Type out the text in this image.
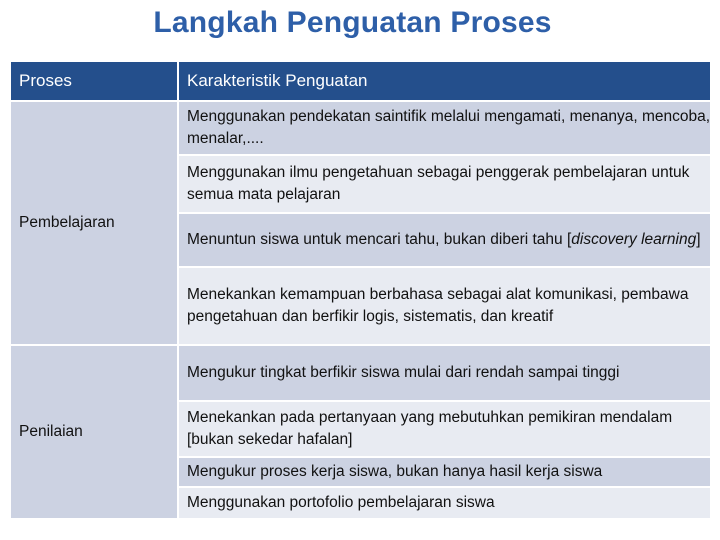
Langkah Penguatan Proses
Proses	Karakteristik Penguatan
Pembelajaran	Menggunakan pendekatan saintifik melalui mengamati, menanya, mencoba, menalar,....
	Menggunakan ilmu pengetahuan sebagai penggerak pembelajaran untuk semua mata pelajaran
	Menuntun siswa untuk mencari tahu, bukan diberi tahu [discovery learning]
	Menekankan kemampuan berbahasa sebagai alat komunikasi, pembawa pengetahuan dan berfikir logis, sistematis, dan kreatif
Penilaian	Mengukur tingkat berfikir siswa mulai dari rendah sampai tinggi
	Menekankan pada pertanyaan yang mebutuhkan pemikiran mendalam [bukan sekedar hafalan]
	Mengukur proses kerja siswa, bukan hanya hasil kerja siswa
	Menggunakan portofolio pembelajaran siswa
